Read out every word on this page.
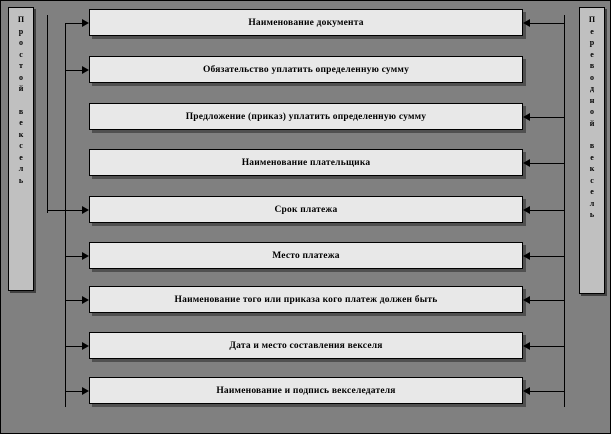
П
р
о
с
т
о
й
в
е
к
с
е
л
ь
П
е
р
е
в
о
д
н
о
й
в
е
к
с
е
л
ь
Наименование документа
Обязательство уплатить определенную сумму
Предложение (приказ) уплатить определенную сумму
Наименование плательщика
Срок платежа
Место платежа
Наименование того или приказа кого платеж должен быть
Дата и место составления векселя
Наименование и подпись векселедателя
